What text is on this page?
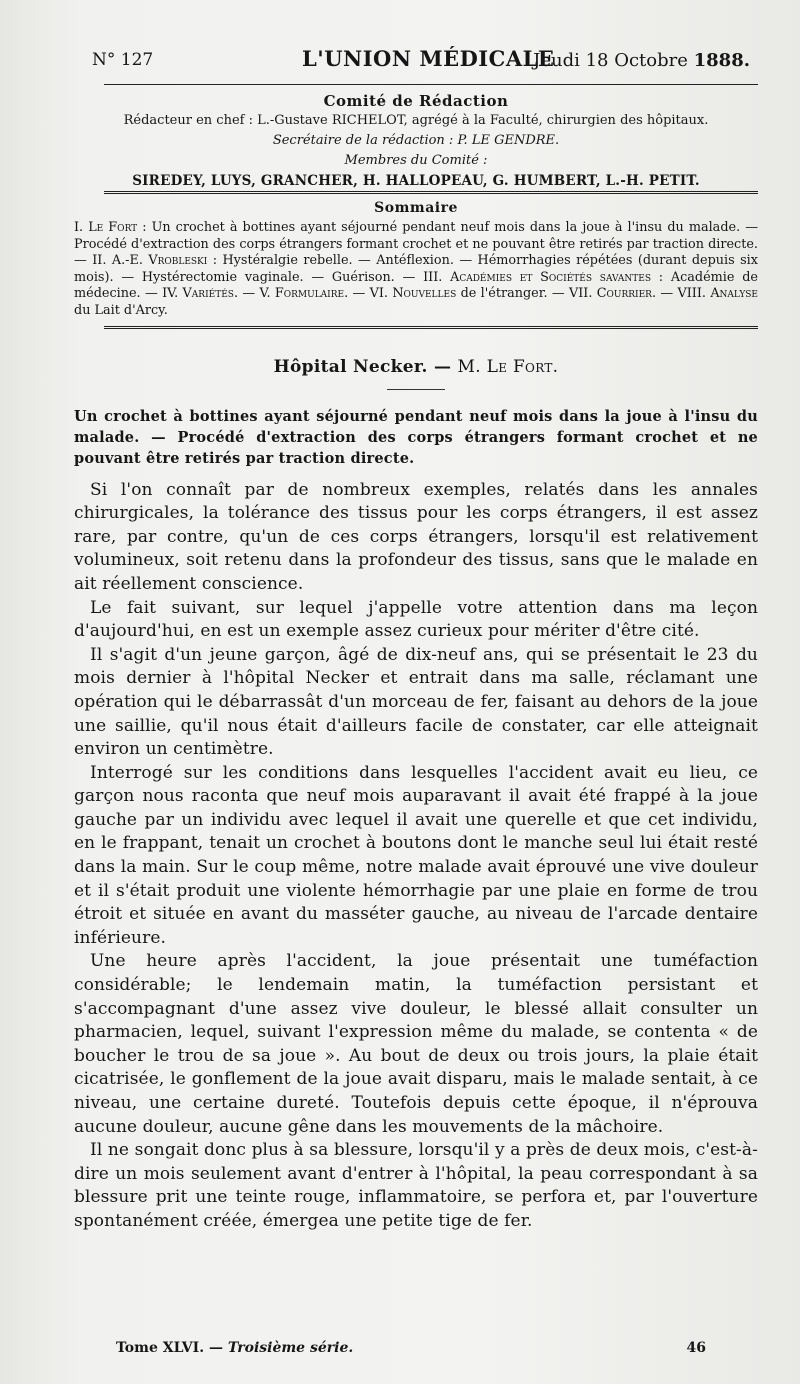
N° 127	L'UNION MÉDICALE
Jeudi 18 Octobre 1888.
Comité de Rédaction
Rédacteur en chef : L.-Gustave RICHELOT, agrégé à la Faculté, chirurgien des hôpitaux.
Secrétaire de la rédaction : P. LE GENDRE.
Membres du Comité :
SIREDEY, LUYS, GRANCHER, H. HALLOPEAU, G. HUMBERT, L.-H. PETIT.
Sommaire
I. Le Fort : Un crochet à bottines ayant séjourné pendant neuf mois dans la joue à l'insu du malade. — Procédé d'extraction des corps étrangers formant crochet et ne pouvant être retirés par traction directe. — II. A.-E. Vrobleski : Hystéralgie rebelle. — Antéflexion. — Hémorrhagies répétées (durant depuis six mois). — Hystérectomie vaginale. — Guérison. — III. Académies et Sociétés savantes : Académie de médecine. — IV. Variétés. — V. Formulaire. — VI. Nouvelles de l'étranger. — VII. Courrier. — VIII. Analyse du Lait d'Arcy.
Hôpital Necker. — M. Le Fort.
Un crochet à bottines ayant séjourné pendant neuf mois dans la joue à l'insu du malade. — Procédé d'extraction des corps étrangers formant crochet et ne pouvant être retirés par traction directe.

Si l'on connaît par de nombreux exemples, relatés dans les annales chirurgicales, la tolérance des tissus pour les corps étrangers, il est assez rare, par contre, qu'un de ces corps étrangers, lorsqu'il est relativement volumineux, soit retenu dans la profondeur des tissus, sans que le malade en ait réellement conscience.

Le fait suivant, sur lequel j'appelle votre attention dans ma leçon d'aujourd'hui, en est un exemple assez curieux pour mériter d'être cité.

Il s'agit d'un jeune garçon, âgé de dix-neuf ans, qui se présentait le 23 du mois dernier à l'hôpital Necker et entrait dans ma salle, réclamant une opération qui le débarrassât d'un morceau de fer, faisant au dehors de la joue une saillie, qu'il nous était d'ailleurs facile de constater, car elle atteignait environ un centimètre.

Interrogé sur les conditions dans lesquelles l'accident avait eu lieu, ce garçon nous raconta que neuf mois auparavant il avait été frappé à la joue gauche par un individu avec lequel il avait une querelle et que cet individu, en le frappant, tenait un crochet à boutons dont le manche seul lui était resté dans la main. Sur le coup même, notre malade avait éprouvé une vive douleur et il s'était produit une violente hémorrhagie par une plaie en forme de trou étroit et située en avant du masséter gauche, au niveau de l'arcade dentaire inférieure.

Une heure après l'accident, la joue présentait une tuméfaction considérable; le lendemain matin, la tuméfaction persistant et s'accompagnant d'une assez vive douleur, le blessé allait consulter un pharmacien, lequel, suivant l'expression même du malade, se contenta « de boucher le trou de sa joue ». Au bout de deux ou trois jours, la plaie était cicatrisée, le gonflement de la joue avait disparu, mais le malade sentait, à ce niveau, une certaine dureté. Toutefois depuis cette époque, il n'éprouva aucune douleur, aucune gêne dans les mouvements de la mâchoire.

Il ne songait donc plus à sa blessure, lorsqu'il y a près de deux mois, c'est-à-dire un mois seulement avant d'entrer à l'hôpital, la peau correspondant à sa blessure prit une teinte rouge, inflammatoire, se perfora et, par l'ouverture spontanément créée, émergea une petite tige de fer.

Tome XLVI. — Troisième série.	46
